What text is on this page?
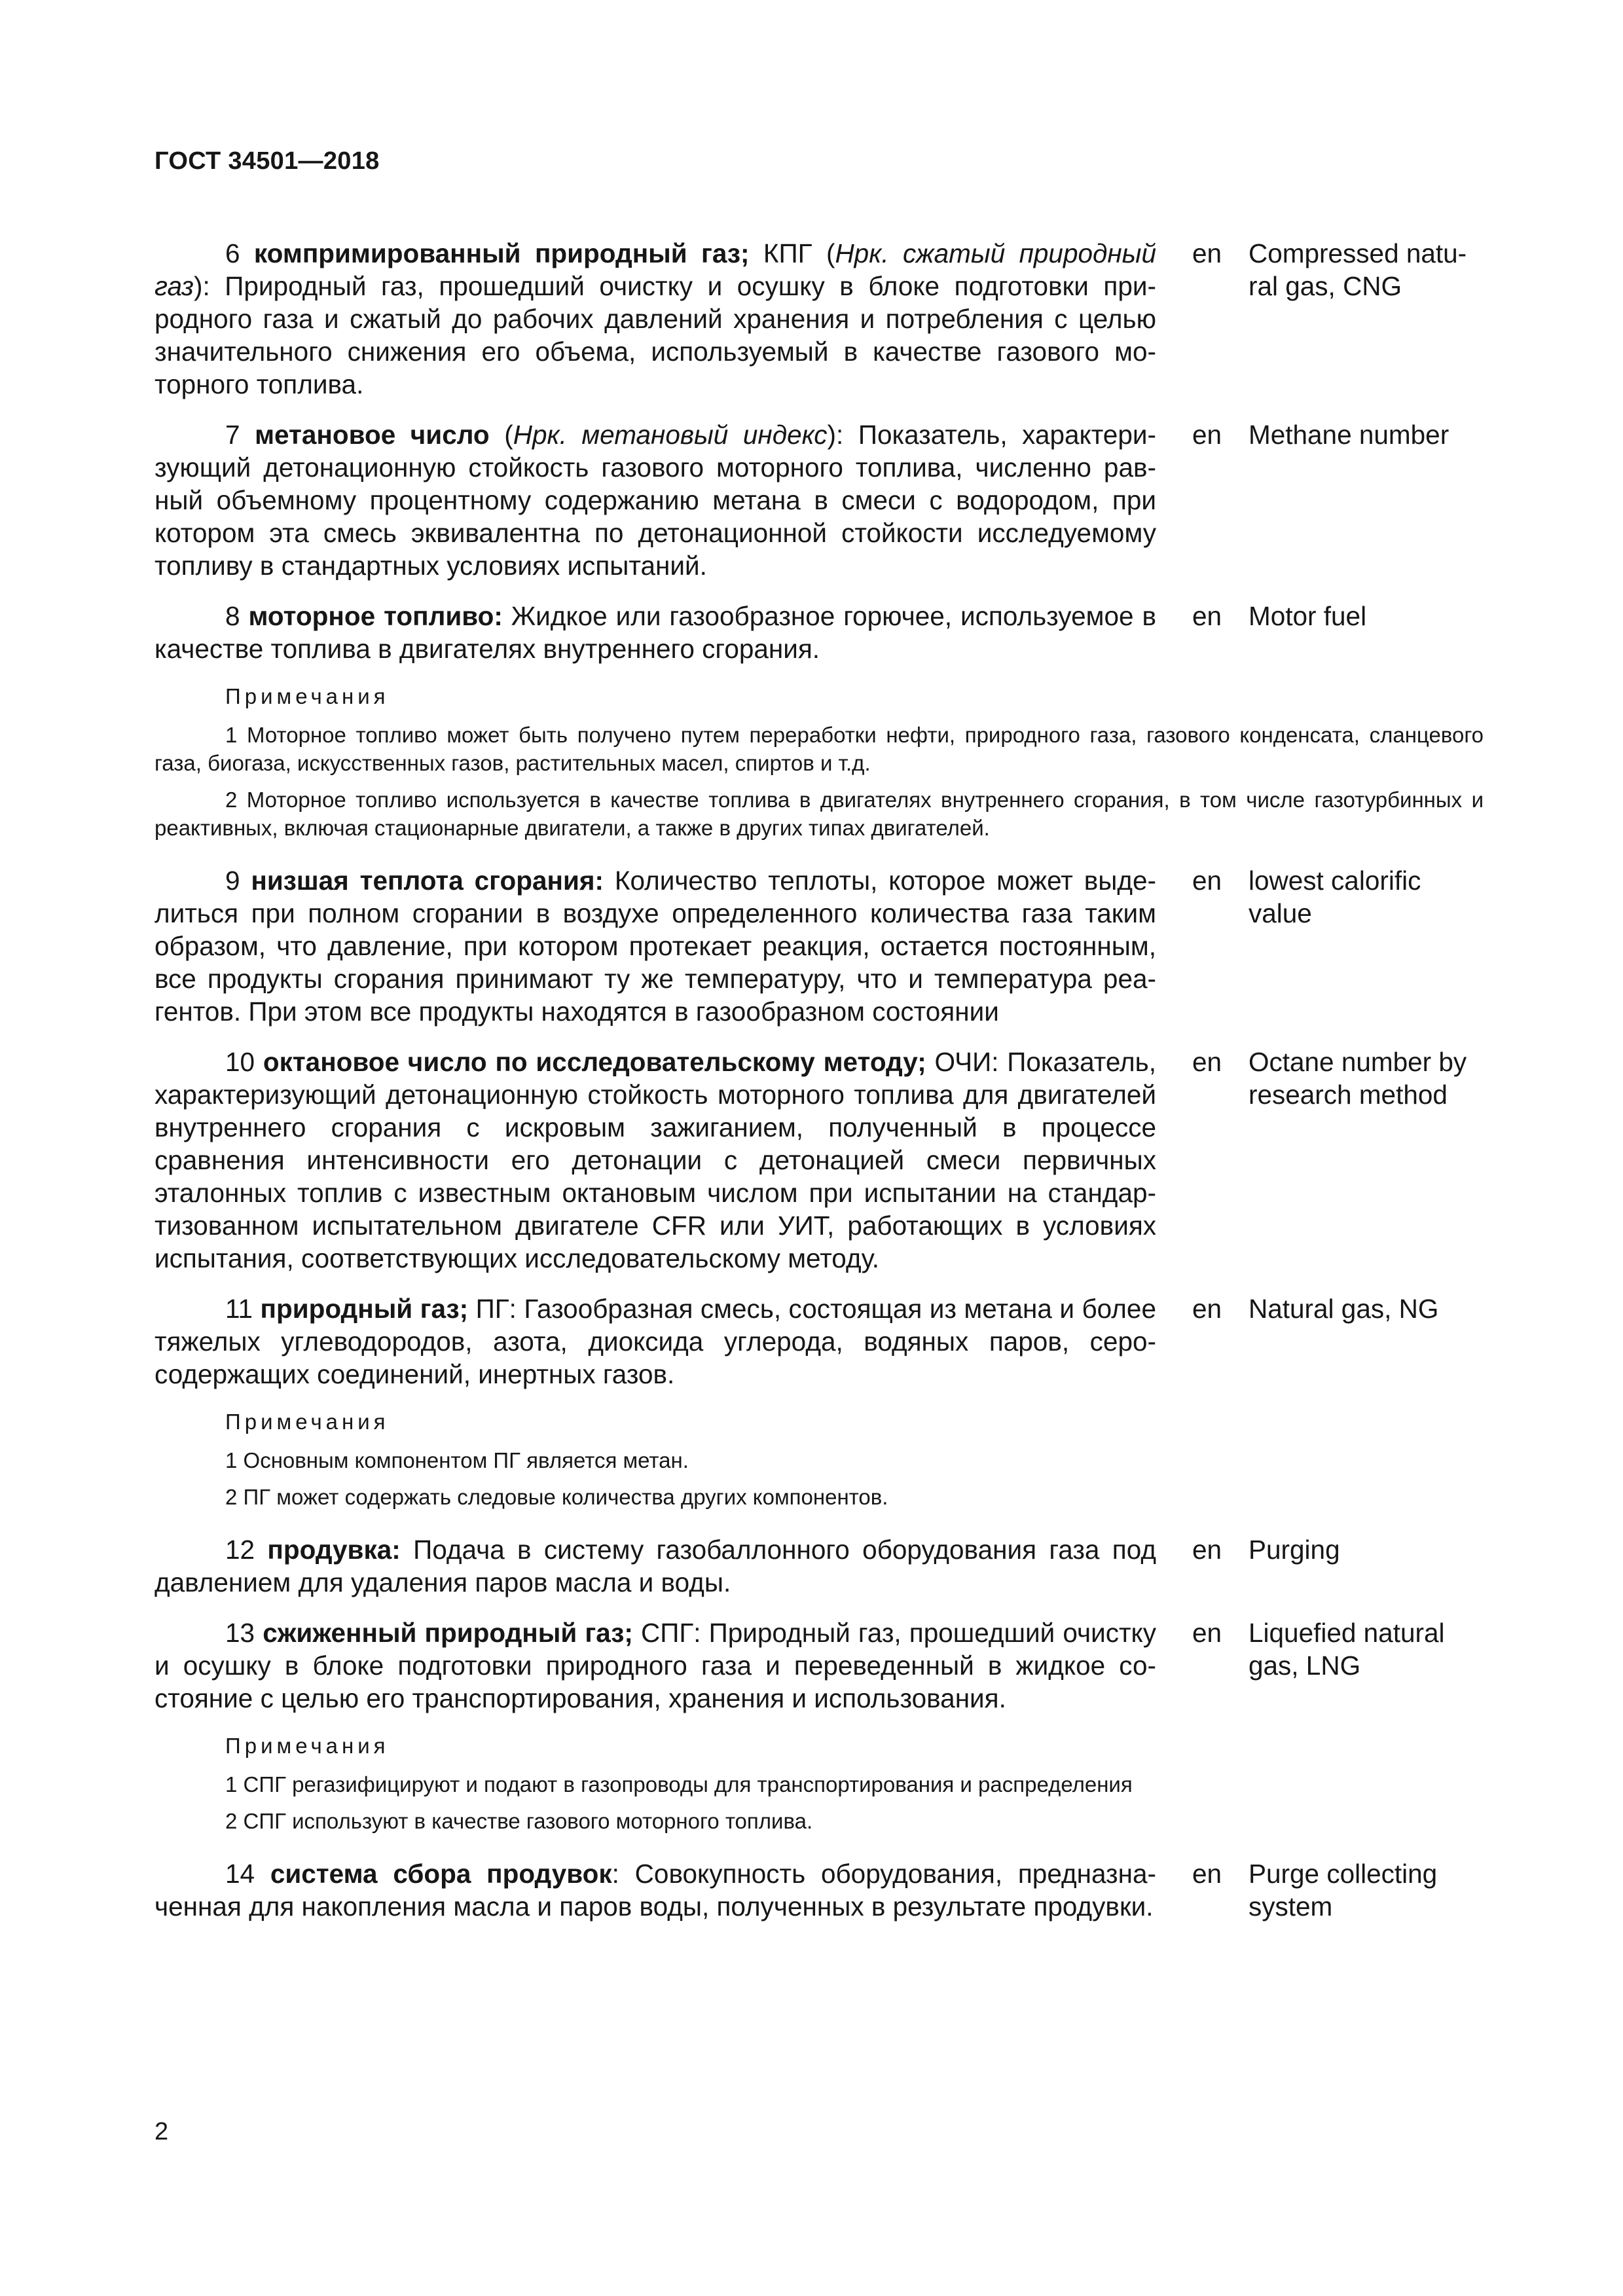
ГОСТ 34501—2018
6 компримированный природный газ; КПГ (Нрк. сжатый природный газ): Природный газ, прошедший очистку и осушку в блоке подготовки природного газа и сжатый до рабочих давлений хранения и потребления с целью значительного снижения его объема, используемый в качестве газового моторного топлива.
en	Compressed natural gas, CNG
7 метановое число (Нрк. метановый индекс): Показатель, характеризующий детонационную стойкость газового моторного топлива, численно равный объемному процентному содержанию метана в смеси с водородом, при котором эта смесь эквивалентна по детонационной стойкости исследуемому топливу в стандартных условиях испытаний.
en	Methane number
8 моторное топливо: Жидкое или газообразное горючее, используемое в качестве топлива в двигателях внутреннего сгорания.
en	Motor fuel
Примечания
1 Моторное топливо может быть получено путем переработки нефти, природного газа, газового конденсата, сланцевого газа, биогаза, искусственных газов, растительных масел, спиртов и т.д.
2 Моторное топливо используется в качестве топлива в двигателях внутреннего сгорания, в том числе газотурбинных и реактивных, включая стационарные двигатели, а также в других типах двигателей.
9 низшая теплота сгорания: Количество теплоты, которое может выделиться при полном сгорании в воздухе определенного количества газа таким образом, что давление, при котором протекает реакция, остается постоянным, все продукты сгорания принимают ту же температуру, что и температура реагентов. При этом все продукты находятся в газообразном состоянии
en	lowest calorific value
10 октановое число по исследовательскому методу; ОЧИ: Показатель, характеризующий детонационную стойкость моторного топлива для двигателей внутреннего сгорания с искровым зажиганием, полученный в процессе сравнения интенсивности его детонации с детонацией смеси первичных эталонных топлив с известным октановым числом при испытании на стандартизованном испытательном двигателе CFR или УИТ, работающих в условиях испытания, соответствующих исследовательскому методу.
en	Octane number by research method
11 природный газ; ПГ: Газообразная смесь, состоящая из метана и более тяжелых углеводородов, азота, диоксида углерода, водяных паров, серосодержащих соединений, инертных газов.
en	Natural gas, NG
Примечания
1 Основным компонентом ПГ является метан.
2 ПГ может содержать следовые количества других компонентов.
12 продувка: Подача в систему газобаллонного оборудования газа под давлением для удаления паров масла и воды.
en	Purging
13 сжиженный природный газ; СПГ: Природный газ, прошедший очистку и осушку в блоке подготовки природного газа и переведенный в жидкое состояние с целью его транспортирования, хранения и использования.
en	Liquefied natural gas, LNG
Примечания
1 СПГ регазифицируют и подают в газопроводы для транспортирования и распределения
2 СПГ используют в качестве газового моторного топлива.
14 система сбора продувок: Совокупность оборудования, предназначенная для накопления масла и паров воды, полученных в результате продувки.
en	Purge collecting system
2
